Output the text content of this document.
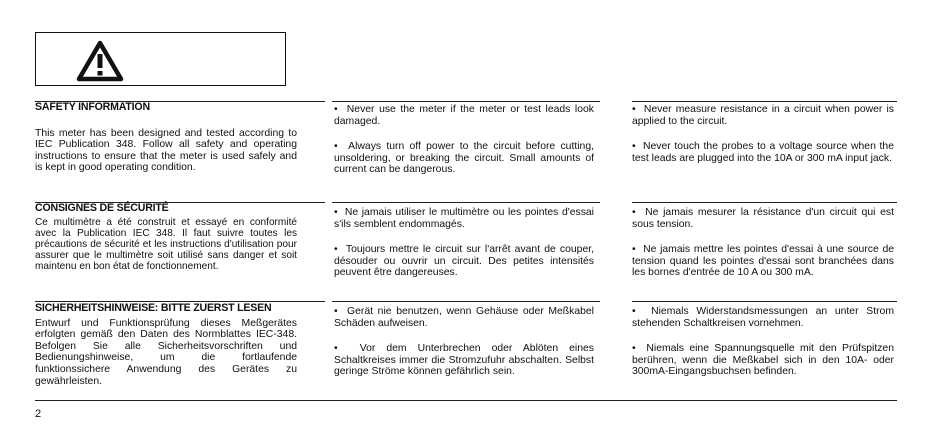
SAFETY INFORMATION

This meter has been designed and tested according to IEC Publication 348. Follow all safety and operating instructions to ensure that the meter is used safely and is kept in good operating condition.

•  Never use the meter if the meter or test leads look damaged.

•  Always turn off power to the circuit before cutting, unsoldering, or breaking the circuit. Small amounts of current can be dangerous.

•  Never measure resistance in a circuit when power is applied to the circuit.

•  Never touch the probes to a voltage source when the test leads are plugged into the 10A or 300 mA input jack.

CONSIGNES DE SÉCURITÉ

Ce multimètre a été construit et essayé en conformité avec la Publication IEC 348. Il faut suivre toutes les précautions de sécurité et les instructions d'utilisation pour assurer que le multimètre soit utilisé sans danger et soit maintenu en bon état de fonctionnement.

•  Ne jamais utiliser le multimètre ou les pointes d'essai s'ils semblent endommagés.

•  Toujours mettre le circuit sur l'arrêt avant de couper, désouder ou ouvrir un circuit. Des petites intensités peuvent être dangereuses.

•  Ne jamais mesurer la résistance d'un circuit qui est sous tension.

•  Ne jamais mettre les pointes d'essai à une source de tension quand les pointes d'essai sont branchées dans les bornes d'entrée de 10 A ou 300 mA.

SICHERHEITSHINWEISE: BITTE ZUERST LESEN

Entwurf und Funktionsprüfung dieses Meßgerätes erfolgten gemäß den Daten des Normblattes IEC-348. Befolgen Sie alle Sicherheitsvorschriften und Bedienungshinweise, um die fortlaufende funktionssichere Anwendung des Gerätes zu gewährleisten.

•  Gerät nie benutzen, wenn Gehäuse oder Meßkabel Schäden aufweisen.

•  Vor dem Unterbrechen oder Ablöten eines Schaltkreises immer die Stromzufuhr abschalten. Selbst geringe Ströme können gefährlich sein.

•  Niemals Widerstandsmessungen an unter Strom stehenden Schaltkreisen vornehmen.

•  Niemals eine Spannungsquelle mit den Prüfspitzen berühren, wenn die Meßkabel sich in den 10A- oder 300mA-Eingangsbuchsen befinden.

2
